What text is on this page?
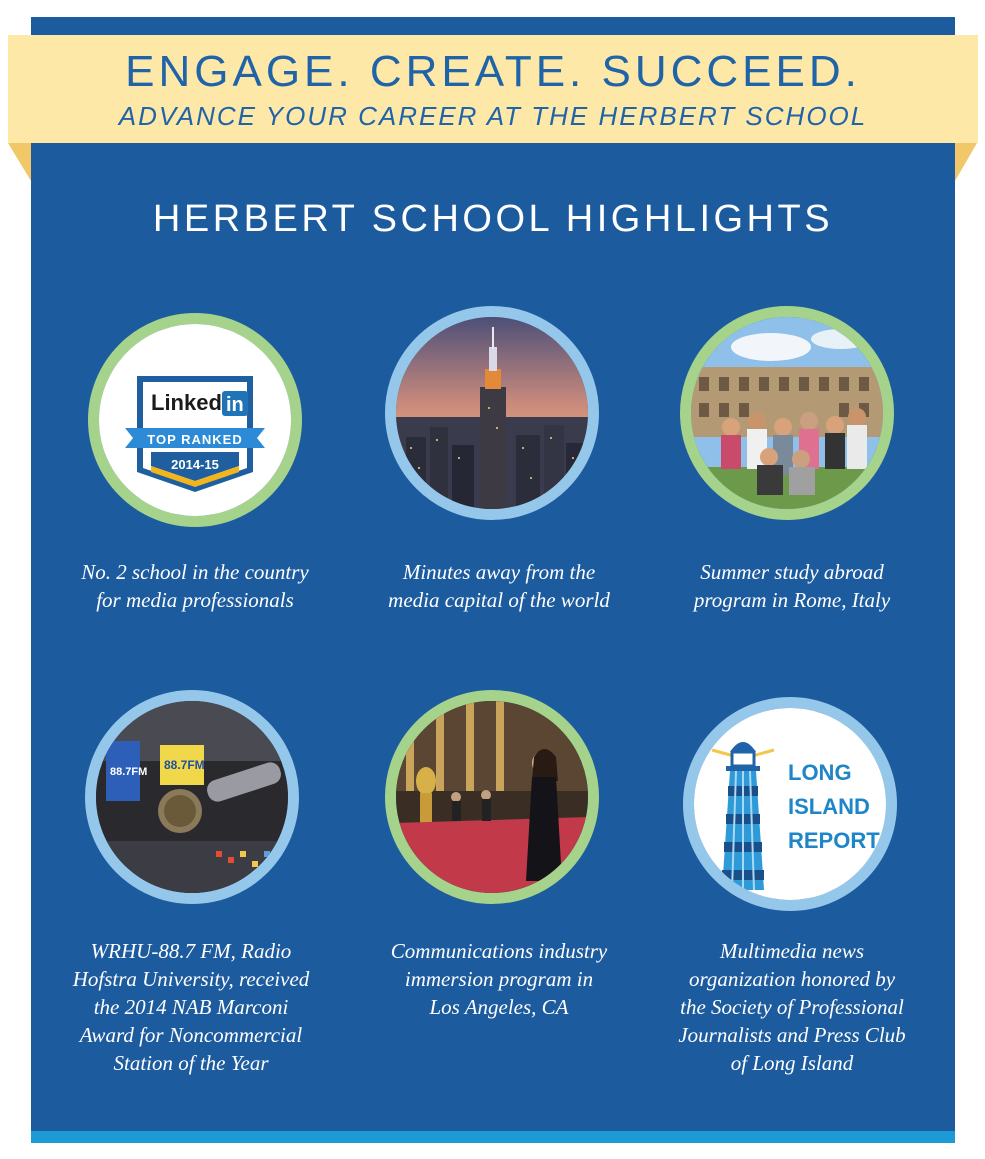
ENGAGE. CREATE. SUCCEED.
ADVANCE YOUR CAREER AT THE HERBERT SCHOOL
HERBERT SCHOOL HIGHLIGHTS
Linked in
TOP RANKED
2014-15
No. 2 school in the country
for media professionals
Minutes away from the
media capital of the world
Summer study abroad
program in Rome, Italy
88.7FM 88.7FM
WRHU-88.7 FM, Radio
Hofstra University, received
the 2014 NAB Marconi
Award for Noncommercial
Station of the Year
Communications industry
immersion program in
Los Angeles, CA
LONG
ISLAND
REPORT
Multimedia news
organization honored by
the Society of Professional
Journalists and Press Club
of Long Island
